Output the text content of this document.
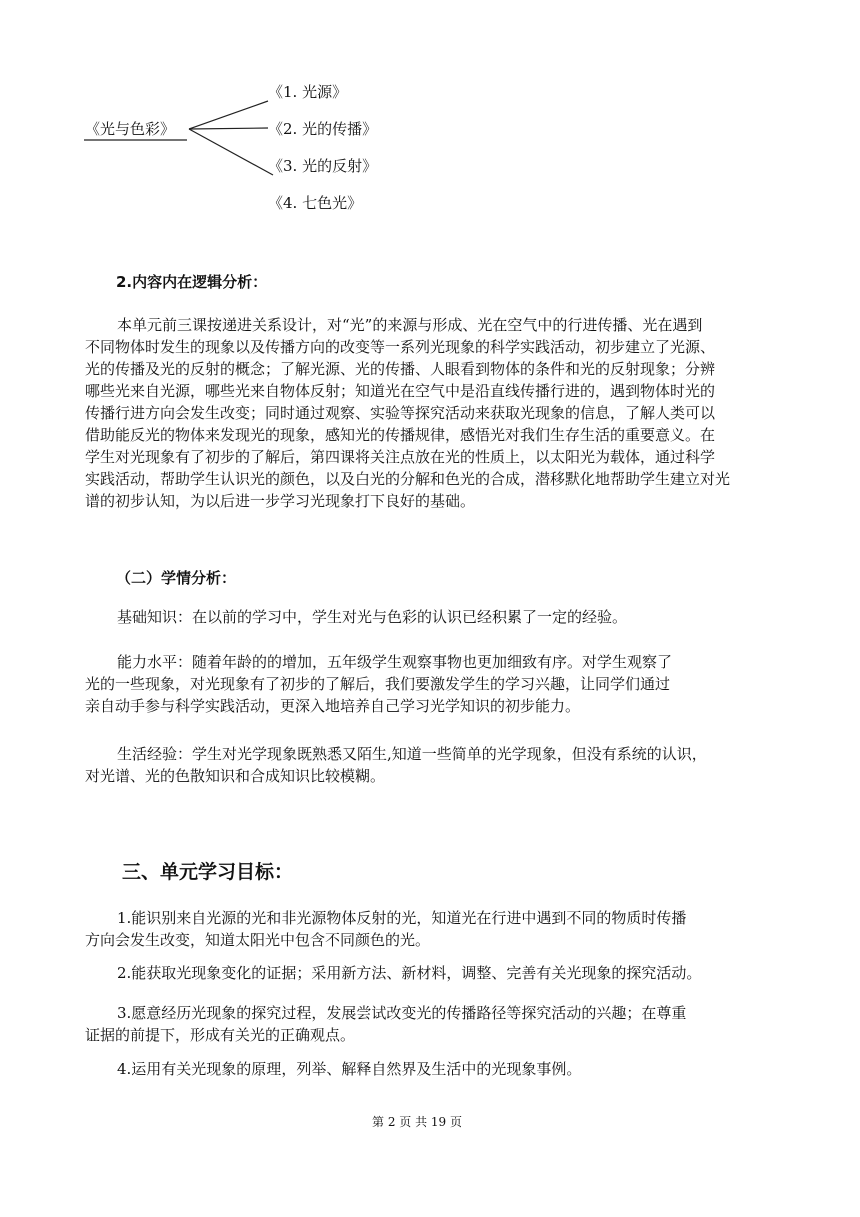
《光与色彩》
《1. 光源》
《2. 光的传播》
《3. 光的反射》
《4. 七色光》
2.内容内在逻辑分析：
本单元前三课按递进关系设计，对“光”的来源与形成、光在空气中的行进传播、光在遇到
不同物体时发生的现象以及传播方向的改变等一系列光现象的科学实践活动，初步建立了光源、
光的传播及光的反射的概念；了解光源、光的传播、人眼看到物体的条件和光的反射现象；分辨
哪些光来自光源，哪些光来自物体反射；知道光在空气中是沿直线传播行进的，遇到物体时光的
传播行进方向会发生改变；同时通过观察、实验等探究活动来获取光现象的信息，了解人类可以
借助能反光的物体来发现光的现象，感知光的传播规律，感悟光对我们生存生活的重要意义。在
学生对光现象有了初步的了解后，第四课将关注点放在光的性质上，以太阳光为载体，通过科学
实践活动，帮助学生认识光的颜色，以及白光的分解和色光的合成，潜移默化地帮助学生建立对光
谱的初步认知，为以后进一步学习光现象打下良好的基础。
（二）学情分析：
基础知识：在以前的学习中，学生对光与色彩的认识已经积累了一定的经验。
能力水平：随着年龄的的增加，五年级学生观察事物也更加细致有序。对学生观察了
光的一些现象，对光现象有了初步的了解后，我们要激发学生的学习兴趣，让同学们通过
亲自动手参与科学实践活动，更深入地培养自己学习光学知识的初步能力。
生活经验：学生对光学现象既熟悉又陌生,知道一些简单的光学现象，但没有系统的认识，
对光谱、光的色散知识和合成知识比较模糊。
三、单元学习目标：
1.能识别来自光源的光和非光源物体反射的光，知道光在行进中遇到不同的物质时传播
方向会发生改变，知道太阳光中包含不同颜色的光。
2.能获取光现象变化的证据；采用新方法、新材料，调整、完善有关光现象的探究活动。
3.愿意经历光现象的探究过程，发展尝试改变光的传播路径等探究活动的兴趣；在尊重
证据的前提下，形成有关光的正确观点。
4.运用有关光现象的原理，列举、解释自然界及生活中的光现象事例。
第 2 页 共 19 页
